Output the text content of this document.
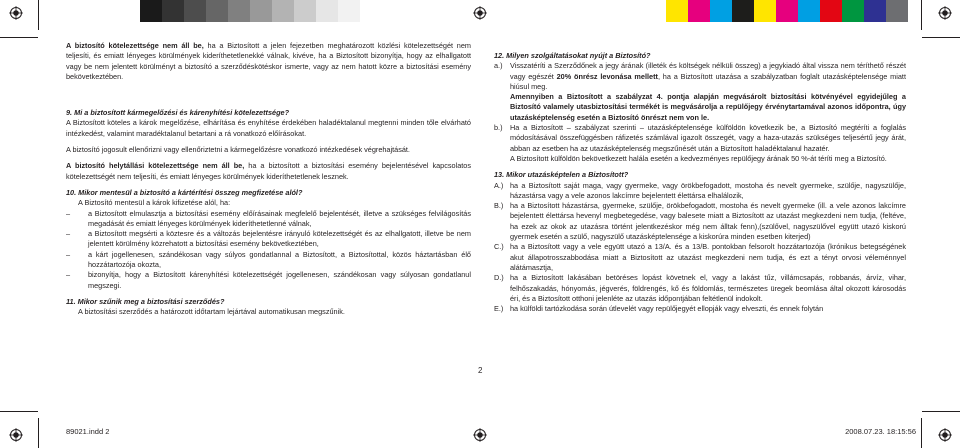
A biztosító kötelezettsége nem áll be, ha a Biztosított a jelen fejezetben meghatározott közlési kötelezettségét nem teljesíti, és emiatt lényeges körülmények kideríthetetlenekké válnak, kivéve, ha a Biztosított bizonyítja, hogy az elhallgatott vagy be nem jelentett körülményt a biztosító a szerződéskötéskor ismerte, vagy az nem hatott közre a biztosítási esemény bekövetkeztében.

9. Mi a biztosított kármegelőzési és kárenyhítési kötelezettsége?

A Biztosított köteles a károk megelőzése, elhárítása és enyhítése érdekében haladéktalanul megtenni minden tőle elvárható intézkedést, valamint maradéktalanul betartani a rá vonatkozó előírásokat.

A biztosító jogosult ellenőrizni vagy ellenőriztetni a kármegelőzésre vonatkozó intézkedések végrehajtását.

A biztosító helytállási kötelezettsége nem áll be, ha a biztosított a biztosítási esemény bejelentésével kapcsolatos kötelezettségét nem teljesíti, és emiatt lényeges körülmények kideríthetetlenek lesznek.

10. Mikor mentesül a biztosító a kártérítési összeg megfizetése alól?

A Biztosító mentesül a károk kifizetése alól, ha:

–	a Biztosított elmulasztja a biztosítási esemény előírásainak megfelelő bejelentését, illetve a szükséges felvilágosítás megadását és emiatt lényeges körülmények kideríthetetlenné válnak,
–	a Biztosított megsérti a köztesre és a változás bejelentésre irányuló kötelezettségét és az elhallgatott, illetve be nem jelentett körülmény közrehatott a biztosítási esemény bekövetkeztében,
–	a kárt jogellenesen, szándékosan vagy súlyos gondatlannal a Biztosított, a Biztosítottal, közös háztartásban élő hozzátartozója okozta,
–	bizonyítja, hogy a Biztosított kárenyhítési kötelezettségét jogellenesen, szándékosan vagy súlyosan gondatlanul megszegi.

11. Mikor szűnik meg a biztosítási szerződés?

A biztosítási szerződés a határozott időtartam lejártával automatikusan megszűnik.

2

12. Milyen szolgáltatásokat nyújt a Biztosító?

a.)	Visszatéríti a Szerződőnek a jegy árának (illeték és költségek nélküli összeg) a jegykiadó által vissza nem téríthető részét vagy egészét 20% önrész levonása mellett, ha a Biztosított utazása a szabályzatban foglalt utazásképtelensége miatt hiúsul meg.
Amennyiben a Biztosított a szabályzat 4. pontja alapján megvásárolt biztosítási kötvényével egyidejűleg a Biztosító valamely utasbiztosítási termékét is megvásárolja a repülőjegy érvénytartamával azonos időpontra, úgy utazásképtelenség esetén a Biztosító önrészt nem von le.
b.)	Ha a Biztosított – szabályzat szerinti – utazásképtelensége külföldön következik be, a Biztosító megtéríti a foglalás módosításával összefüggésben ráfizetés számlával igazolt összegét, vagy a haza-utazás szükséges teljesértű jegy árát, abban az esetben ha az utazásképtelenség megszűnését után a Biztosított haladéktalanul hazatér.

A Biztosított külföldön bekövetkezett halála esetén a kedvezményes repülőjegy árának 50 %-át téríti meg a Biztosító.

13. Mikor utazásképtelen a Biztosított?

A.) ha a Biztosított saját maga, vagy gyermeke, vagy örökbefogadott, mostoha és nevelt gyermeke, szülője, nagyszülője, házastársa vagy a vele azonos lakcímre bejelentett élettársa elhalálozik,
B.) ha a Biztosított házastársa, gyermeke, szülője, örökbefogadott, mostoha és nevelt gyermeke (ill. a vele azonos lakcímre bejelentett élettársa hevenyl megbetegedése, vagy balesete miatt a Biztosított az utazást megkezdeni nem tudja, (feltéve, ha ezek az okok az utazásra történt jelentkezéskor még nem álltak fenn),(szülővel, nagyszülővel együtt utazó kiskorú gyermek esetén a szülő, nagyszülő utazásképtelensége a kiskorúra minden esetben kiterjed)
C.) ha a Biztosított vagy a vele együtt utazó a 13/A. és a 13/B. pontokban felsorolt hozzátartozója (krónikus betegségének akut állapotrosszabbodása miatt a Biztosított az utazást megkezdeni nem tudja, és ezt a tényt orvosi véleménnyel alátámasztja,
D.) ha a Biztosított lakásában betöréses lopást követnek el, vagy a lakást tűz, villámcsapás, robbanás, árvíz, vihar, felhőszakadás, hónyomás, jégverés, földrengés, kő és földomlás, természetes üregek beomlása által okozott károsodás éri, és a Biztosított otthoni jelenléte az utazás időpontjában feltétlenül indokolt.
E.) ha külföldi tartózkodása során útlevelét vagy repülőjegyét ellopják vagy elveszti, és ennek folytán
89021.indd 2	2008.07.23. 18:15:56
